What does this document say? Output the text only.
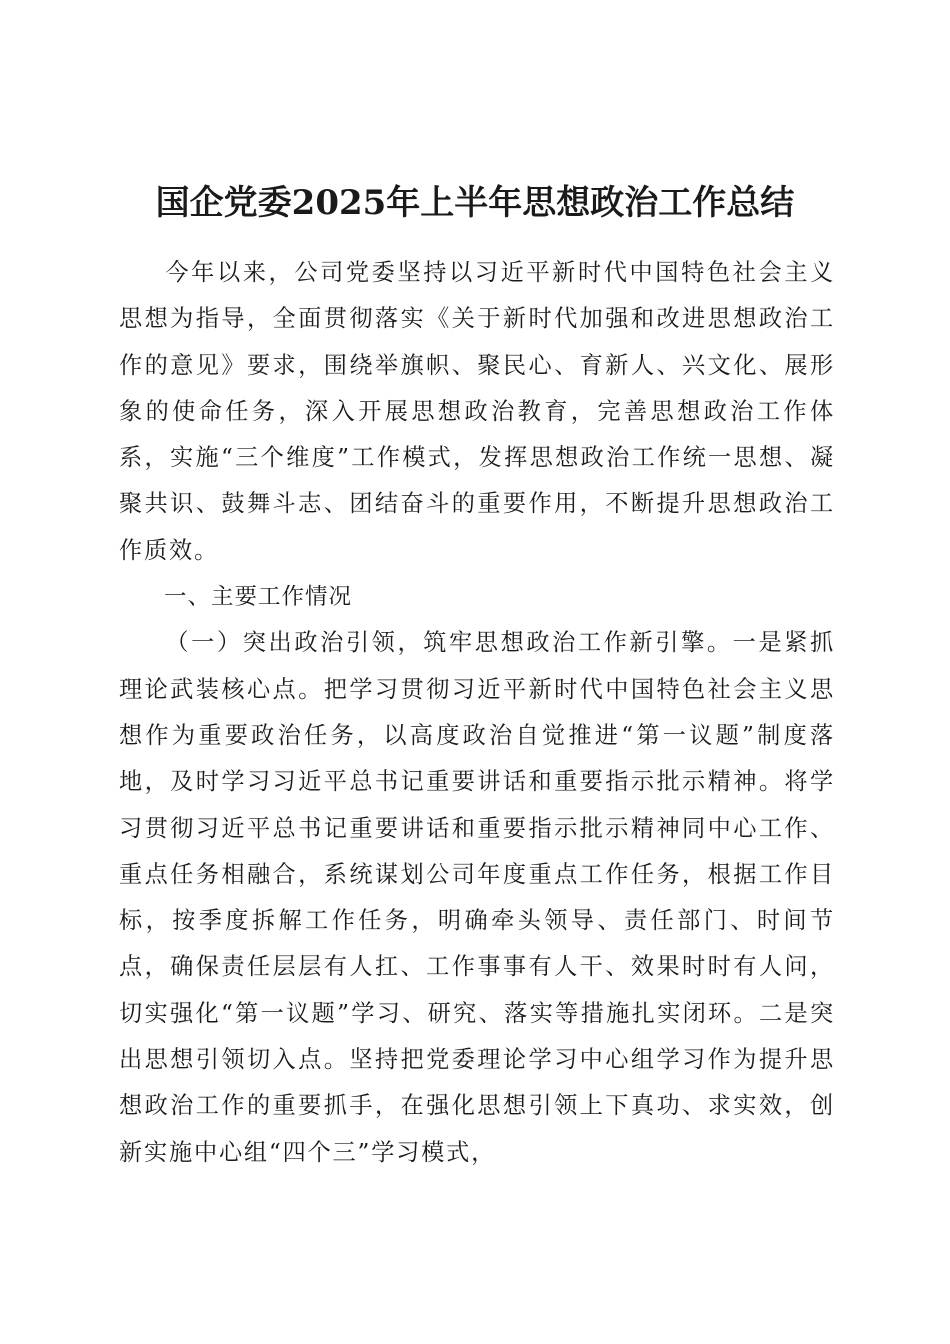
国企党委2025年上半年思想政治工作总结

今年以来，公司党委坚持以习近平新时代中国特色社会主义思想为指导，全面贯彻落实《关于新时代加强和改进思想政治工作的意见》要求，围绕举旗帜、聚民心、育新人、兴文化、展形象的使命任务，深入开展思想政治教育，完善思想政治工作体系，实施“三个维度”工作模式，发挥思想政治工作统一思想、凝聚共识、鼓舞斗志、团结奋斗的重要作用，不断提升思想政治工作质效。

一、主要工作情况

（一）突出政治引领，筑牢思想政治工作新引擎。一是紧抓理论武装核心点。把学习贯彻习近平新时代中国特色社会主义思想作为重要政治任务，以高度政治自觉推进“第一议题”制度落地，及时学习习近平总书记重要讲话和重要指示批示精神。将学习贯彻习近平总书记重要讲话和重要指示批示精神同中心工作、重点任务相融合，系统谋划公司年度重点工作任务，根据工作目标，按季度拆解工作任务，明确牵头领导、责任部门、时间节点，确保责任层层有人扛、工作事事有人干、效果时时有人问，切实强化“第一议题”学习、研究、落实等措施扎实闭环。二是突出思想引领切入点。坚持把党委理论学习中心组学习作为提升思想政治工作的重要抓手，在强化思想引领上下真功、求实效，创新实施中心组“四个三”学习模式，
